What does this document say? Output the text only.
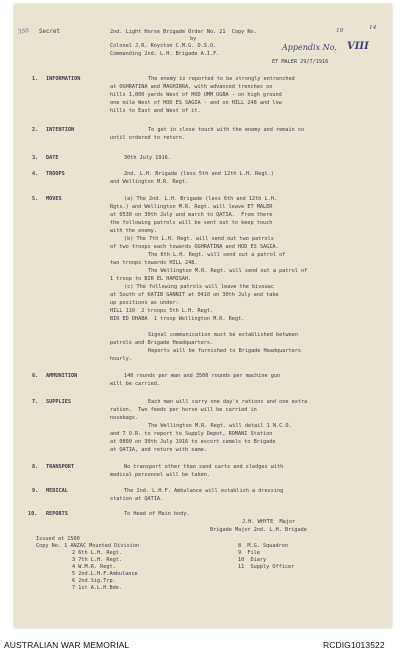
350 Secret	2nd. Light Horse Brigade Order No. 21  Copy No.	10	14
by
Colonel J.R. Royston C.M.G. D.S.O.	Appendix No. VIII
Commanding 2nd. L.H. Brigade A.I.F.
ET MALER 29/7/1916
1. INFORMATION	The enemy is reported to be strongly entrenched
at OGHRATINA and MAGHIRRA, with advanced trenches on
hills 1,000 yards West of HOD UMM UGBA - on high ground
one mile West of HOD ES SAGIA - and on HILL 248 and low
hills to East and West of it.
2. INTENTION	To get in close touch with the enemy and remain so
until ordered to return.
3. DATE	30th July 1916.
4. TROOPS	2nd. L.H. Brigade (less 5th and 12th L.H. Regt.)
and Wellington M.R. Regt.
5. MOVES	(a) The 2nd. L.H. Brigade (less 6th and 12th L.H.
Rgts.) and Wellington M.R. Regt. will leave ET MALER
at 0530 on 30th July and march to QATIA.  From there
the following patrols will be sent out to keep touch
with the enemy.
(b) The 7th L.H. Regt. will send out two patrols
of two troops each towards OGHRATINA and HOD ES SAGIA.
The 6th L.H. Regt. will send out a patrol of
two troops towards HILL 248.
The Wellington M.R. Regt. will send out a patrol of
1 troop to BIR EL HAMISAH.
(c) The following patrols will leave the bivouac
at South of KATIB GANNIT at 0410 on 30th July and take
up positions as under:
HILL 110  2 troops 5th L.H. Regt.
BIR ED DHABA  1 troop Wellington M.R. Regt.
Signal communication must be established between
patrols and Brigade Headquarters.
Reports will be furnished to Brigade Headquarters
hourly.
6. AMMUNITION	140 rounds per man and 3500 rounds per machine gun
will be carried.
7. SUPPLIES	Each man will carry one day's rations and one extra
ration.  Two feeds per horse will be carried in
nosebags.
The Wellington M.R. Regt. will detail 1 N.C.O.
and 7 O.R. to report to Supply Depot, ROMANI Station
at 0800 on 30th July 1916 to escort camels to Brigade
at QATIA, and return with same.
8. TRANSPORT	No transport other than sand carts and sledges with
medical personnel will be taken.
9. MEDICAL	The 2nd. L.H.F. Ambulance will establish a dressing
station at QATIA.
10. REPORTS	To Head of Main body.
J.H. WHYTE  Major
Brigade Major 2nd. L.H. Brigade
Issued at 1500
Copy No. 1 ANZAC Mounted Division
2 6th L.H. Regt.
3 7th L.H. Regt.
4 W.M.R. Regt.
5 2nd.L.H.F.Ambulance
6 2nd.Sig.Trp.
7 1st A.L.H.Bde.
8  M.G. Squadron
9  File
10  Diary
11  Supply Officer
AUSTRALIAN WAR MEMORIAL	RCDIG1013522
